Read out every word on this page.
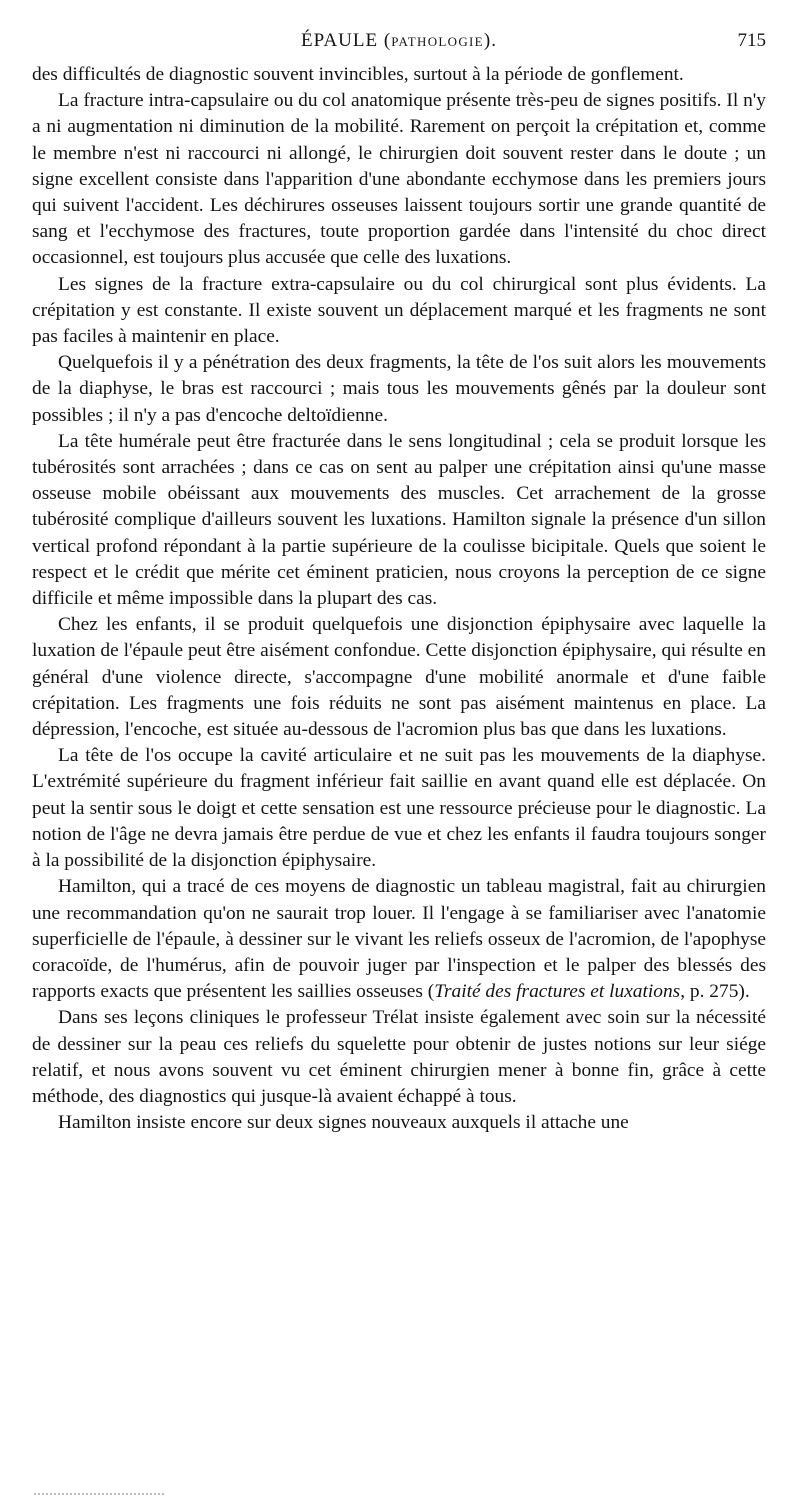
ÉPAULE (PATHOLOGIE).	715

des difficultés de diagnostic souvent invincibles, surtout à la période de gonflement.

La fracture intra-capsulaire ou du col anatomique présente très-peu de signes positifs. Il n'y a ni augmentation ni diminution de la mobilité. Rarement on perçoit la crépitation et, comme le membre n'est ni raccourci ni allongé, le chirurgien doit souvent rester dans le doute ; un signe excellent consiste dans l'apparition d'une abondante ecchymose dans les premiers jours qui suivent l'accident. Les déchirures osseuses laissent toujours sortir une grande quantité de sang et l'ecchymose des fractures, toute proportion gardée dans l'intensité du choc direct occasionnel, est toujours plus accusée que celle des luxations.

Les signes de la fracture extra-capsulaire ou du col chirurgical sont plus évidents. La crépitation y est constante. Il existe souvent un déplacement marqué et les fragments ne sont pas faciles à maintenir en place.

Quelquefois il y a pénétration des deux fragments, la tête de l'os suit alors les mouvements de la diaphyse, le bras est raccourci ; mais tous les mouvements gênés par la douleur sont possibles ; il n'y a pas d'encoche deltoïdienne.

La tête humérale peut être fracturée dans le sens longitudinal ; cela se produit lorsque les tubérosités sont arrachées ; dans ce cas on sent au palper une crépitation ainsi qu'une masse osseuse mobile obéissant aux mouvements des muscles. Cet arrachement de la grosse tubérosité complique d'ailleurs souvent les luxations. Hamilton signale la présence d'un sillon vertical profond répondant à la partie supérieure de la coulisse bicipitale. Quels que soient le respect et le crédit que mérite cet éminent praticien, nous croyons la perception de ce signe difficile et même impossible dans la plupart des cas.

Chez les enfants, il se produit quelquefois une disjonction épiphysaire avec laquelle la luxation de l'épaule peut être aisément confondue. Cette disjonction épiphysaire, qui résulte en général d'une violence directe, s'accompagne d'une mobilité anormale et d'une faible crépitation. Les fragments une fois réduits ne sont pas aisément maintenus en place. La dépression, l'encoche, est située au-dessous de l'acromion plus bas que dans les luxations.

La tête de l'os occupe la cavité articulaire et ne suit pas les mouvements de la diaphyse. L'extrémité supérieure du fragment inférieur fait saillie en avant quand elle est déplacée. On peut la sentir sous le doigt et cette sensation est une ressource précieuse pour le diagnostic. La notion de l'âge ne devra jamais être perdue de vue et chez les enfants il faudra toujours songer à la possibilité de la disjonction épiphysaire.

Hamilton, qui a tracé de ces moyens de diagnostic un tableau magistral, fait au chirurgien une recommandation qu'on ne saurait trop louer. Il l'engage à se familiariser avec l'anatomie superficielle de l'épaule, à dessiner sur le vivant les reliefs osseux de l'acromion, de l'apophyse coracoïde, de l'humérus, afin de pouvoir juger par l'inspection et le palper des blessés des rapports exacts que présentent les saillies osseuses (Traité des fractures et luxations, p. 275).

Dans ses leçons cliniques le professeur Trélat insiste également avec soin sur la nécessité de dessiner sur la peau ces reliefs du squelette pour obtenir de justes notions sur leur siége relatif, et nous avons souvent vu cet éminent chirurgien mener à bonne fin, grâce à cette méthode, des diagnostics qui jusque-là avaient échappé à tous.

Hamilton insiste encore sur deux signes nouveaux auxquels il attache une
